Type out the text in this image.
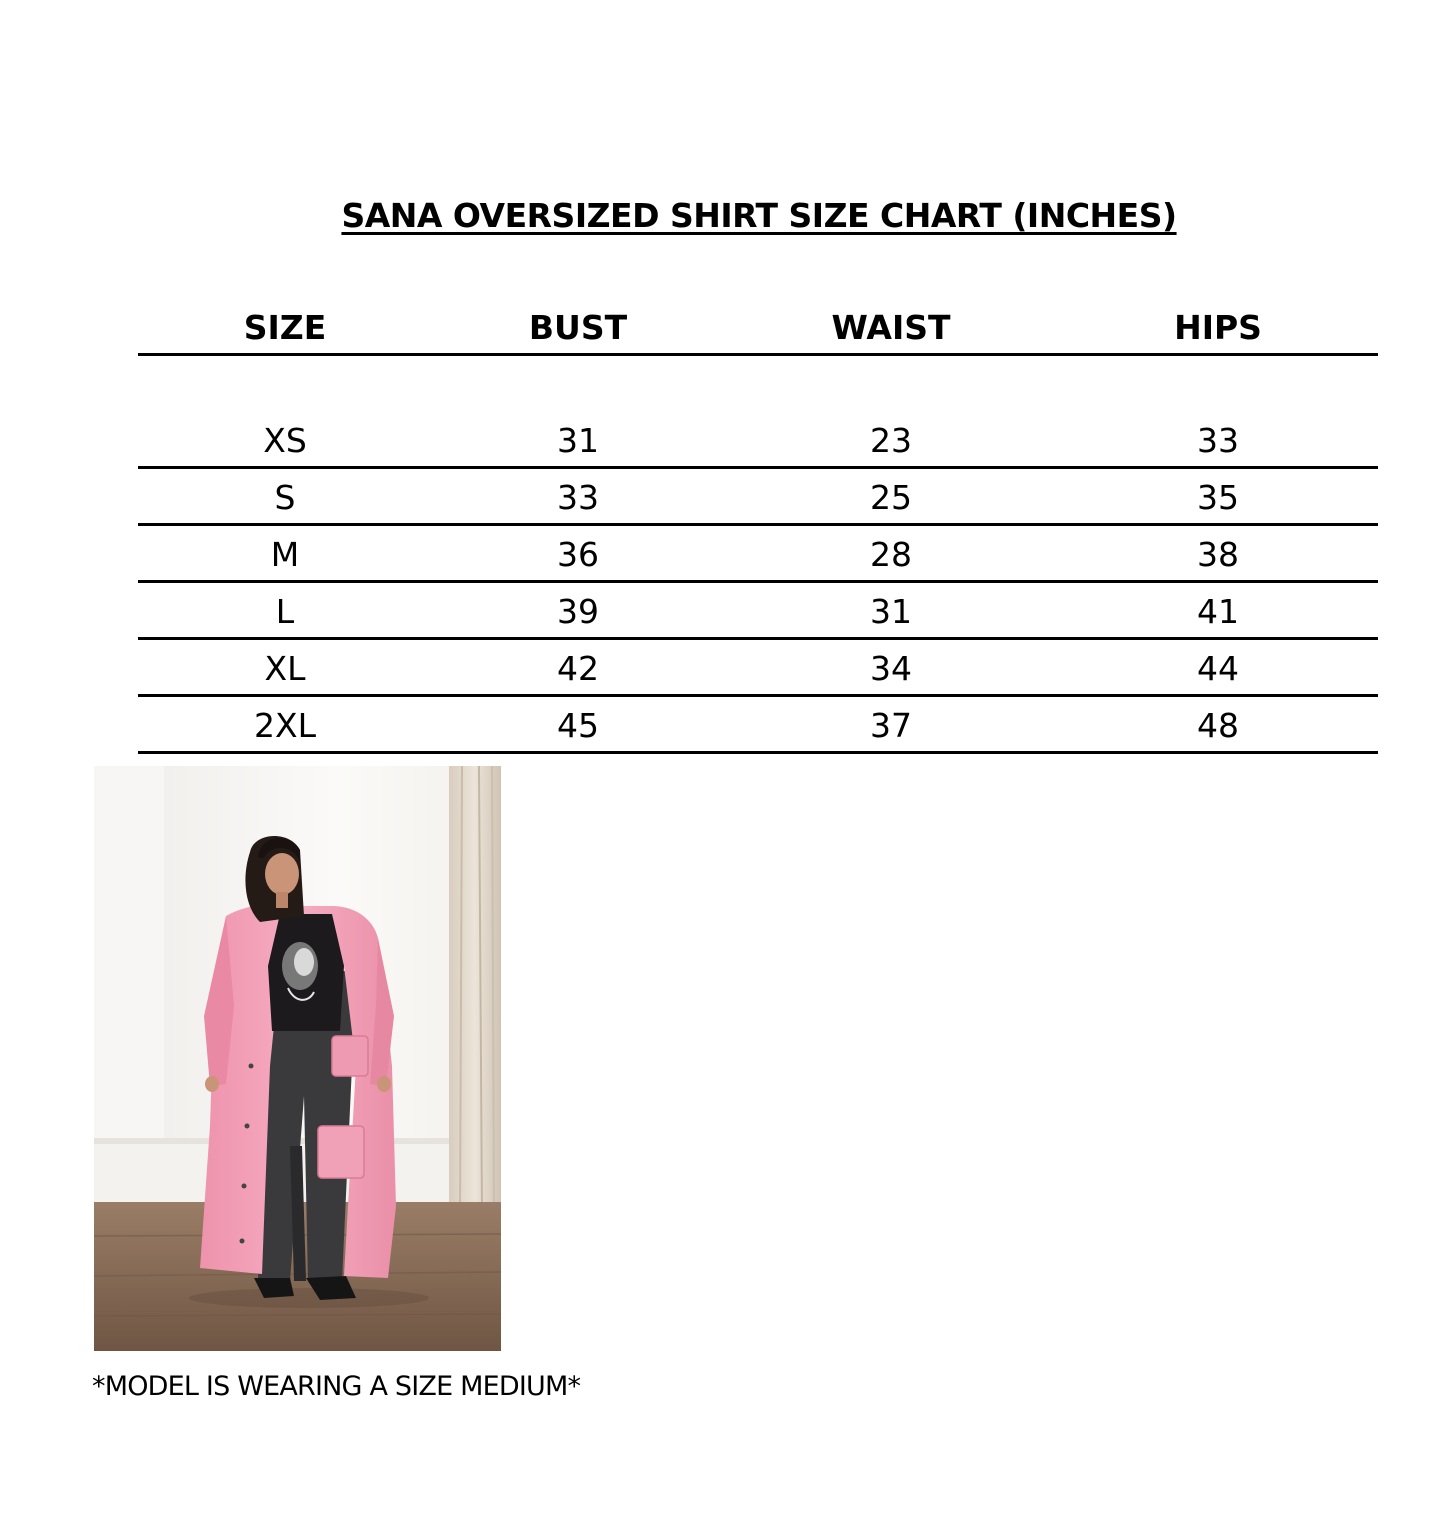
SANA OVERSIZED SHIRT SIZE CHART (INCHES)
SIZE	BUST	WAIST	HIPS
XS	31	23	33
S	33	25	35
M	36	28	38
L	39	31	41
XL	42	34	44
2XL	45	37	48
*MODEL IS WEARING A SIZE MEDIUM*
